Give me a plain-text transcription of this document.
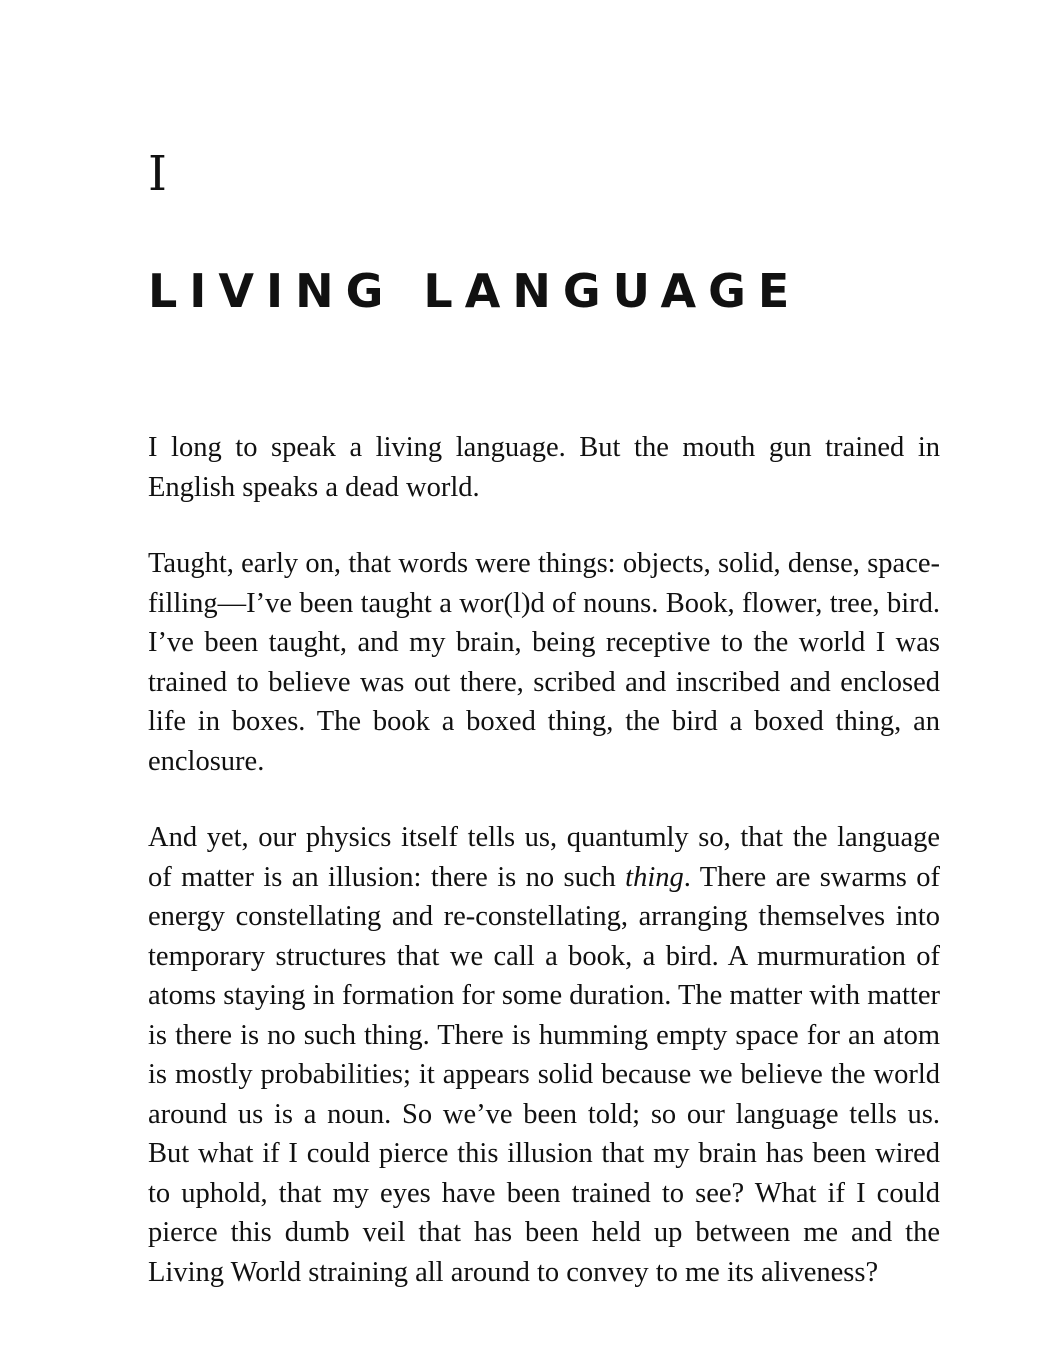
I
LIVING LANGUAGE

I long to speak a living language. But the mouth gun trained in English speaks a dead world.

Taught, early on, that words were things: objects, solid, dense, space-filling—I’ve been taught a wor(l)d of nouns. Book, flower, tree, bird. I’ve been taught, and my brain, being receptive to the world I was trained to believe was out there, scribed and inscribed and enclosed life in boxes. The book a boxed thing, the bird a boxed thing, an enclosure.

And yet, our physics itself tells us, quantumly so, that the language of matter is an illusion: there is no such thing. There are swarms of energy constellating and re-constellating, arranging themselves into temporary structures that we call a book, a bird. A murmuration of atoms staying in formation for some duration. The matter with matter is there is no such thing. There is humming empty space for an atom is mostly probabilities; it appears solid because we believe the world around us is a noun. So we’ve been told; so our language tells us. But what if I could pierce this illusion that my brain has been wired to uphold, that my eyes have been trained to see? What if I could pierce this dumb veil that has been held up between me and the Living World straining all around to convey to me its aliveness?
